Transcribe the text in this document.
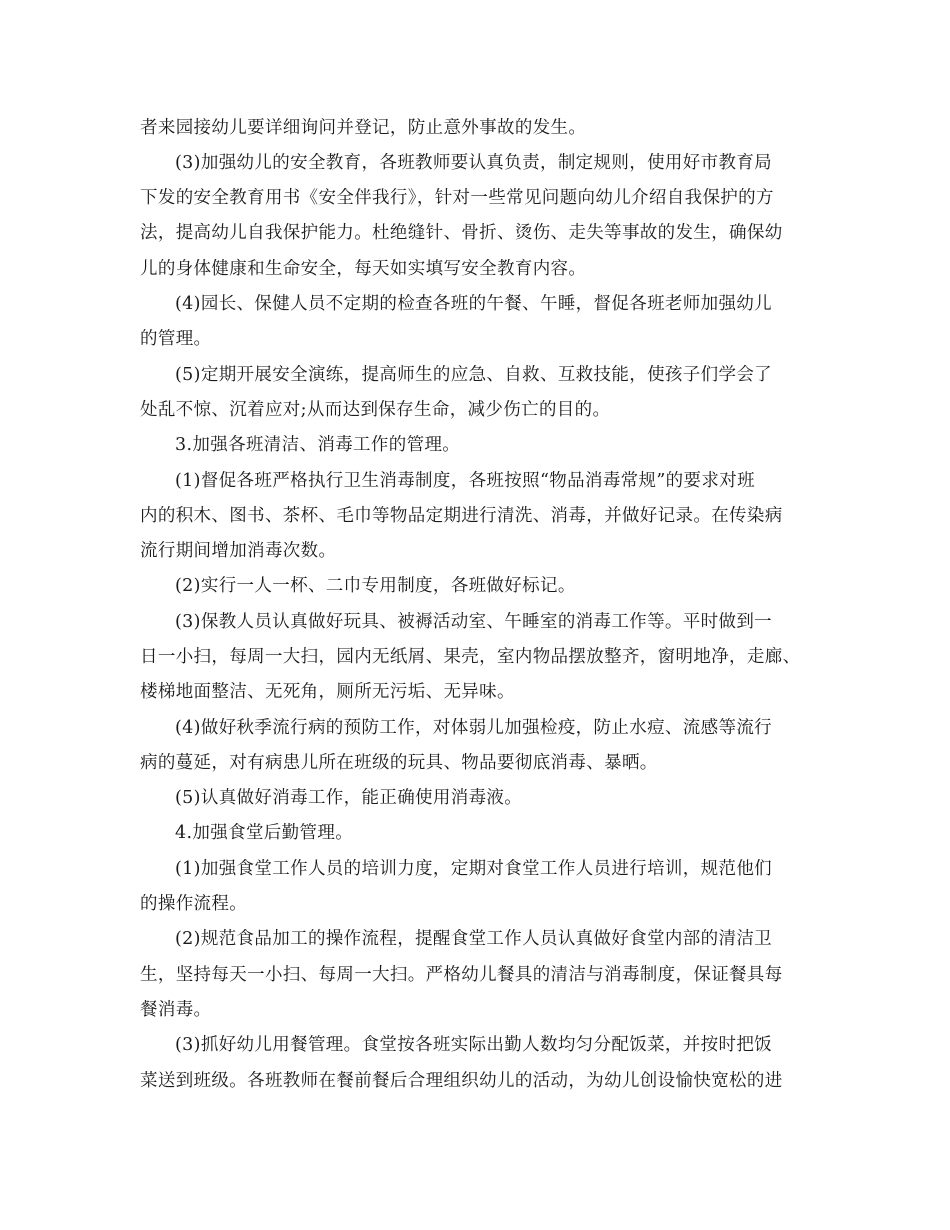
者来园接幼儿要详细询问并登记，防止意外事故的发生。

(3)加强幼儿的安全教育，各班教师要认真负责，制定规则，使用好市教育局

下发的安全教育用书《安全伴我行》，针对一些常见问题向幼儿介绍自我保护的方

法，提高幼儿自我保护能力。杜绝缝针、骨折、烫伤、走失等事故的发生，确保幼

儿的身体健康和生命安全，每天如实填写安全教育内容。

(4)园长、保健人员不定期的检查各班的午餐、午睡，督促各班老师加强幼儿

的管理。

(5)定期开展安全演练，提高师生的应急、自救、互救技能，使孩子们学会了

处乱不惊、沉着应对;从而达到保存生命，减少伤亡的目的。

3.加强各班清洁、消毒工作的管理。

(1)督促各班严格执行卫生消毒制度，各班按照“物品消毒常规”的要求对班

内的积木、图书、茶杯、毛巾等物品定期进行清洗、消毒，并做好记录。在传染病

流行期间增加消毒次数。

(2)实行一人一杯、二巾专用制度，各班做好标记。

(3)保教人员认真做好玩具、被褥活动室、午睡室的消毒工作等。平时做到一

日一小扫，每周一大扫，园内无纸屑、果壳，室内物品摆放整齐，窗明地净，走廊、

楼梯地面整洁、无死角，厕所无污垢、无异味。

(4)做好秋季流行病的预防工作，对体弱儿加强检疫，防止水痘、流感等流行

病的蔓延，对有病患儿所在班级的玩具、物品要彻底消毒、暴晒。

(5)认真做好消毒工作，能正确使用消毒液。

4.加强食堂后勤管理。

(1)加强食堂工作人员的培训力度，定期对食堂工作人员进行培训，规范他们

的操作流程。

(2)规范食品加工的操作流程，提醒食堂工作人员认真做好食堂内部的清洁卫

生，坚持每天一小扫、每周一大扫。严格幼儿餐具的清洁与消毒制度，保证餐具每

餐消毒。

(3)抓好幼儿用餐管理。食堂按各班实际出勤人数均匀分配饭菜，并按时把饭

菜送到班级。各班教师在餐前餐后合理组织幼儿的活动，为幼儿创设愉快宽松的进
